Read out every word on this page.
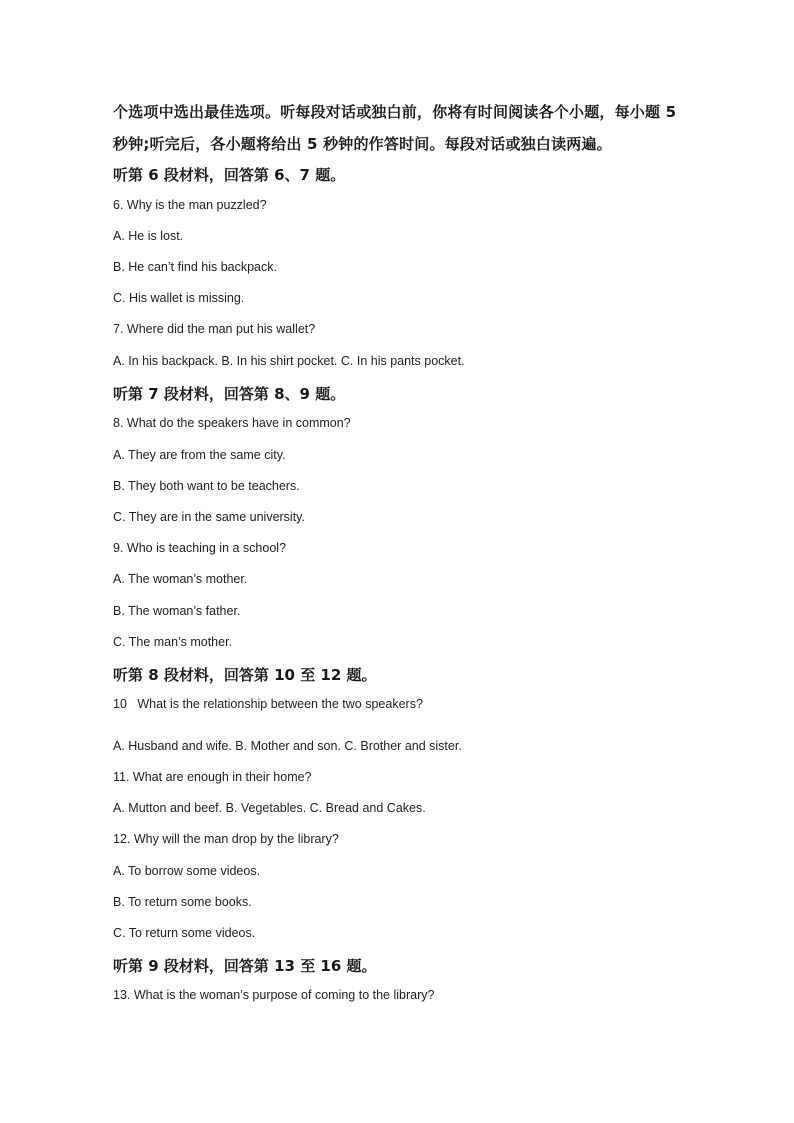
个选项中选出最佳选项。听每段对话或独白前，你将有时间阅读各个小题，每小题 5

秒钟;听完后，各小题将给出 5 秒钟的作答时间。每段对话或独白读两遍。

听第 6 段材料，回答第 6、7 题。

6. Why is the man puzzled?

A. He is lost.

B. He can’t find his backpack.

C. His wallet is missing.

7. Where did the man put his wallet?

A. In his backpack. B. In his shirt pocket. C. In his pants pocket.

听第 7 段材料，回答第 8、9 题。

8. What do the speakers have in common?

A. They are from the same city.

B. They both want to be teachers.

C. They are in the same university.

9. Who is teaching in a school?

A. The woman’s mother.

B. The woman’s father.

C. The man’s mother.

听第 8 段材料，回答第 10 至 12 题。

10   What is the relationship between the two speakers?

A. Husband and wife. B. Mother and son. C. Brother and sister.

11. What are enough in their home?

A. Mutton and beef. B. Vegetables. C. Bread and Cakes.

12. Why will the man drop by the library?

A. To borrow some videos.

B. To return some books.

C. To return some videos.

听第 9 段材料，回答第 13 至 16 题。

13. What is the woman’s purpose of coming to the library?
